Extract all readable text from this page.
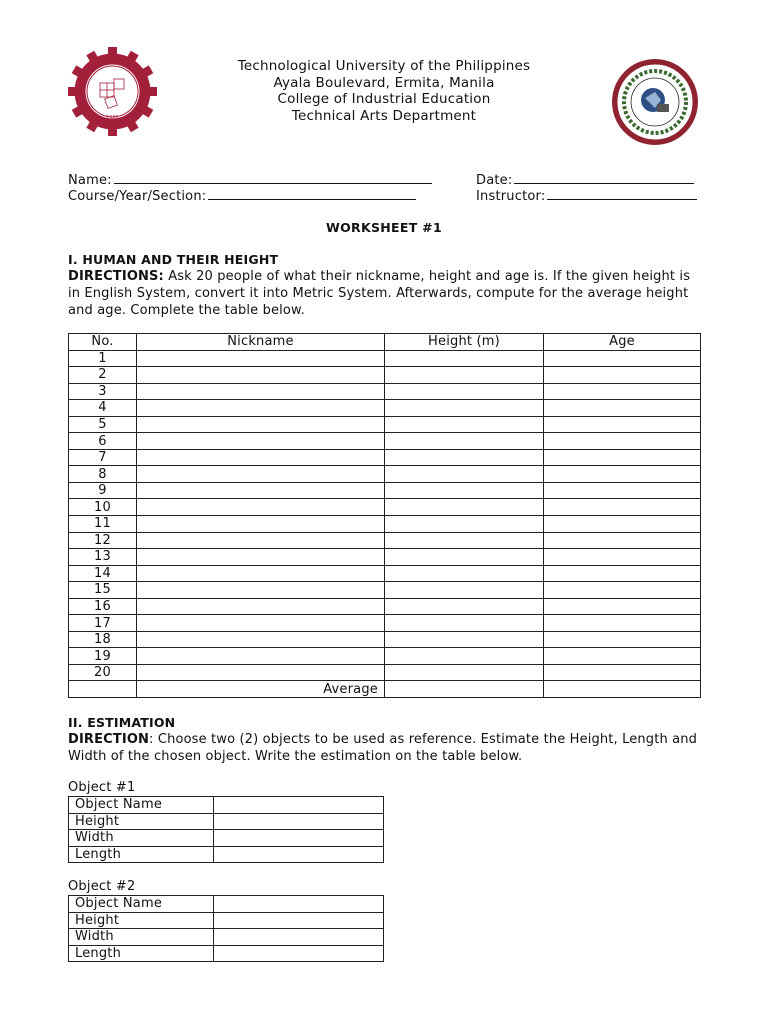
1901
Technological University of the Philippines
Ayala Boulevard, Ermita, Manila
College of Industrial Education
Technical Arts Department
Name:	Date:
Course/Year/Section:	Instructor:
WORKSHEET #1
I. HUMAN AND THEIR HEIGHT
DIRECTIONS: Ask 20 people of what their nickname, height and age is. If the given height is in English System, convert it into Metric System. Afterwards, compute for the average height and age. Complete the table below.
No.	Nickname	Height (m)	Age
1			
2			
3			
4			
5			
6			
7			
8			
9			
10			
11			
12			
13			
14			
15			
16			
17			
18			
19			
20			
	Average		
II. ESTIMATION
DIRECTION: Choose two (2) objects to be used as reference. Estimate the Height, Length and Width of the chosen object. Write the estimation on the table below.
Object #1
Object Name	
Height	
Width	
Length	
Object #2
Object Name	
Height	
Width	
Length	
